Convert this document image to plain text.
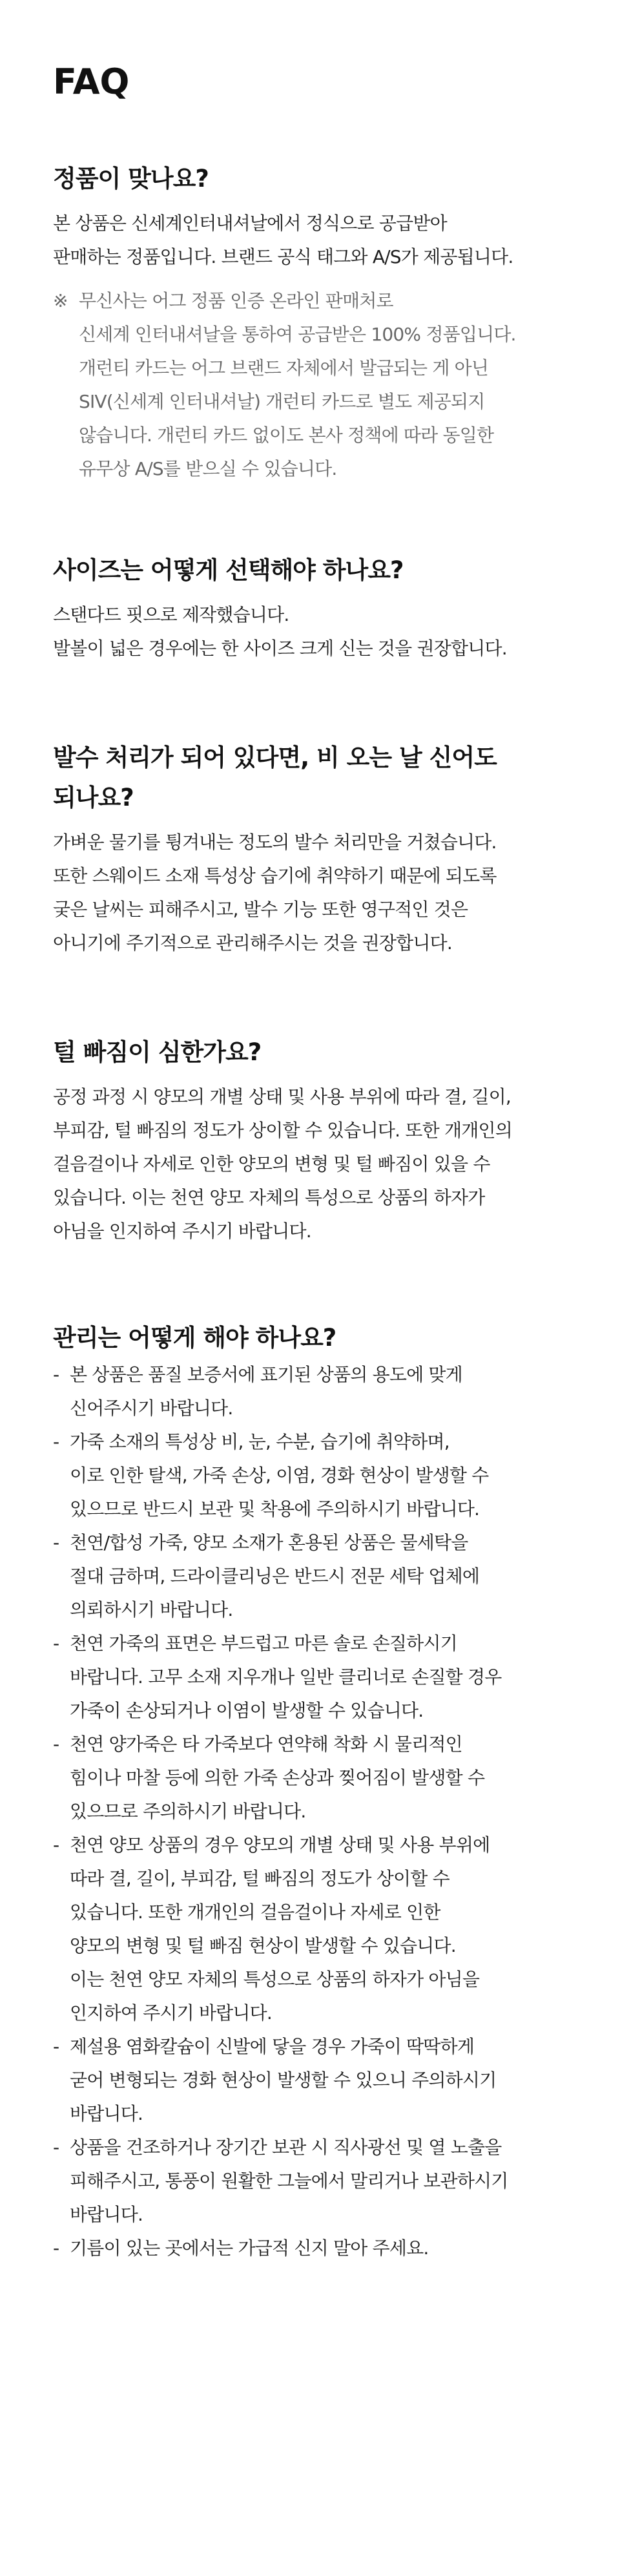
FAQ
정품이 맞나요?
본 상품은 신세계인터내셔날에서 정식으로 공급받아
판매하는 정품입니다. 브랜드 공식 태그와 A/S가 제공됩니다.
※ 무신사는 어그 정품 인증 온라인 판매처로
신세계 인터내셔날을 통하여 공급받은 100% 정품입니다.
개런티 카드는 어그 브랜드 자체에서 발급되는 게 아닌
SIV(신세계 인터내셔날) 개런티 카드로 별도 제공되지
않습니다. 개런티 카드 없이도 본사 정책에 따라 동일한
유무상 A/S를 받으실 수 있습니다.
사이즈는 어떻게 선택해야 하나요?
스탠다드 핏으로 제작했습니다.
발볼이 넓은 경우에는 한 사이즈 크게 신는 것을 권장합니다.
발수 처리가 되어 있다면, 비 오는 날 신어도
되나요?
가벼운 물기를 튕겨내는 정도의 발수 처리만을 거쳤습니다.
또한 스웨이드 소재 특성상 습기에 취약하기 때문에 되도록
궂은 날씨는 피해주시고, 발수 기능 또한 영구적인 것은
아니기에 주기적으로 관리해주시는 것을 권장합니다.
털 빠짐이 심한가요?
공정 과정 시 양모의 개별 상태 및 사용 부위에 따라 결, 길이,
부피감, 털 빠짐의 정도가 상이할 수 있습니다. 또한 개개인의
걸음걸이나 자세로 인한 양모의 변형 및 털 빠짐이 있을 수
있습니다. 이는 천연 양모 자체의 특성으로 상품의 하자가
아님을 인지하여 주시기 바랍니다.
관리는 어떻게 해야 하나요?
- 본 상품은 품질 보증서에 표기된 상품의 용도에 맞게
신어주시기 바랍니다.
- 가죽 소재의 특성상 비, 눈, 수분, 습기에 취약하며,
이로 인한 탈색, 가죽 손상, 이염, 경화 현상이 발생할 수
있으므로 반드시 보관 및 착용에 주의하시기 바랍니다.
- 천연/합성 가죽, 양모 소재가 혼용된 상품은 물세탁을
절대 금하며, 드라이클리닝은 반드시 전문 세탁 업체에
의뢰하시기 바랍니다.
- 천연 가죽의 표면은 부드럽고 마른 솔로 손질하시기
바랍니다. 고무 소재 지우개나 일반 클리너로 손질할 경우
가죽이 손상되거나 이염이 발생할 수 있습니다.
- 천연 양가죽은 타 가죽보다 연약해 착화 시 물리적인
힘이나 마찰 등에 의한 가죽 손상과 찢어짐이 발생할 수
있으므로 주의하시기 바랍니다.
- 천연 양모 상품의 경우 양모의 개별 상태 및 사용 부위에
따라 결, 길이, 부피감, 털 빠짐의 정도가 상이할 수
있습니다. 또한 개개인의 걸음걸이나 자세로 인한
양모의 변형 및 털 빠짐 현상이 발생할 수 있습니다.
이는 천연 양모 자체의 특성으로 상품의 하자가 아님을
인지하여 주시기 바랍니다.
- 제설용 염화칼슘이 신발에 닿을 경우 가죽이 딱딱하게
굳어 변형되는 경화 현상이 발생할 수 있으니 주의하시기
바랍니다.
- 상품을 건조하거나 장기간 보관 시 직사광선 및 열 노출을
피해주시고, 통풍이 원활한 그늘에서 말리거나 보관하시기
바랍니다.
- 기름이 있는 곳에서는 가급적 신지 말아 주세요.
